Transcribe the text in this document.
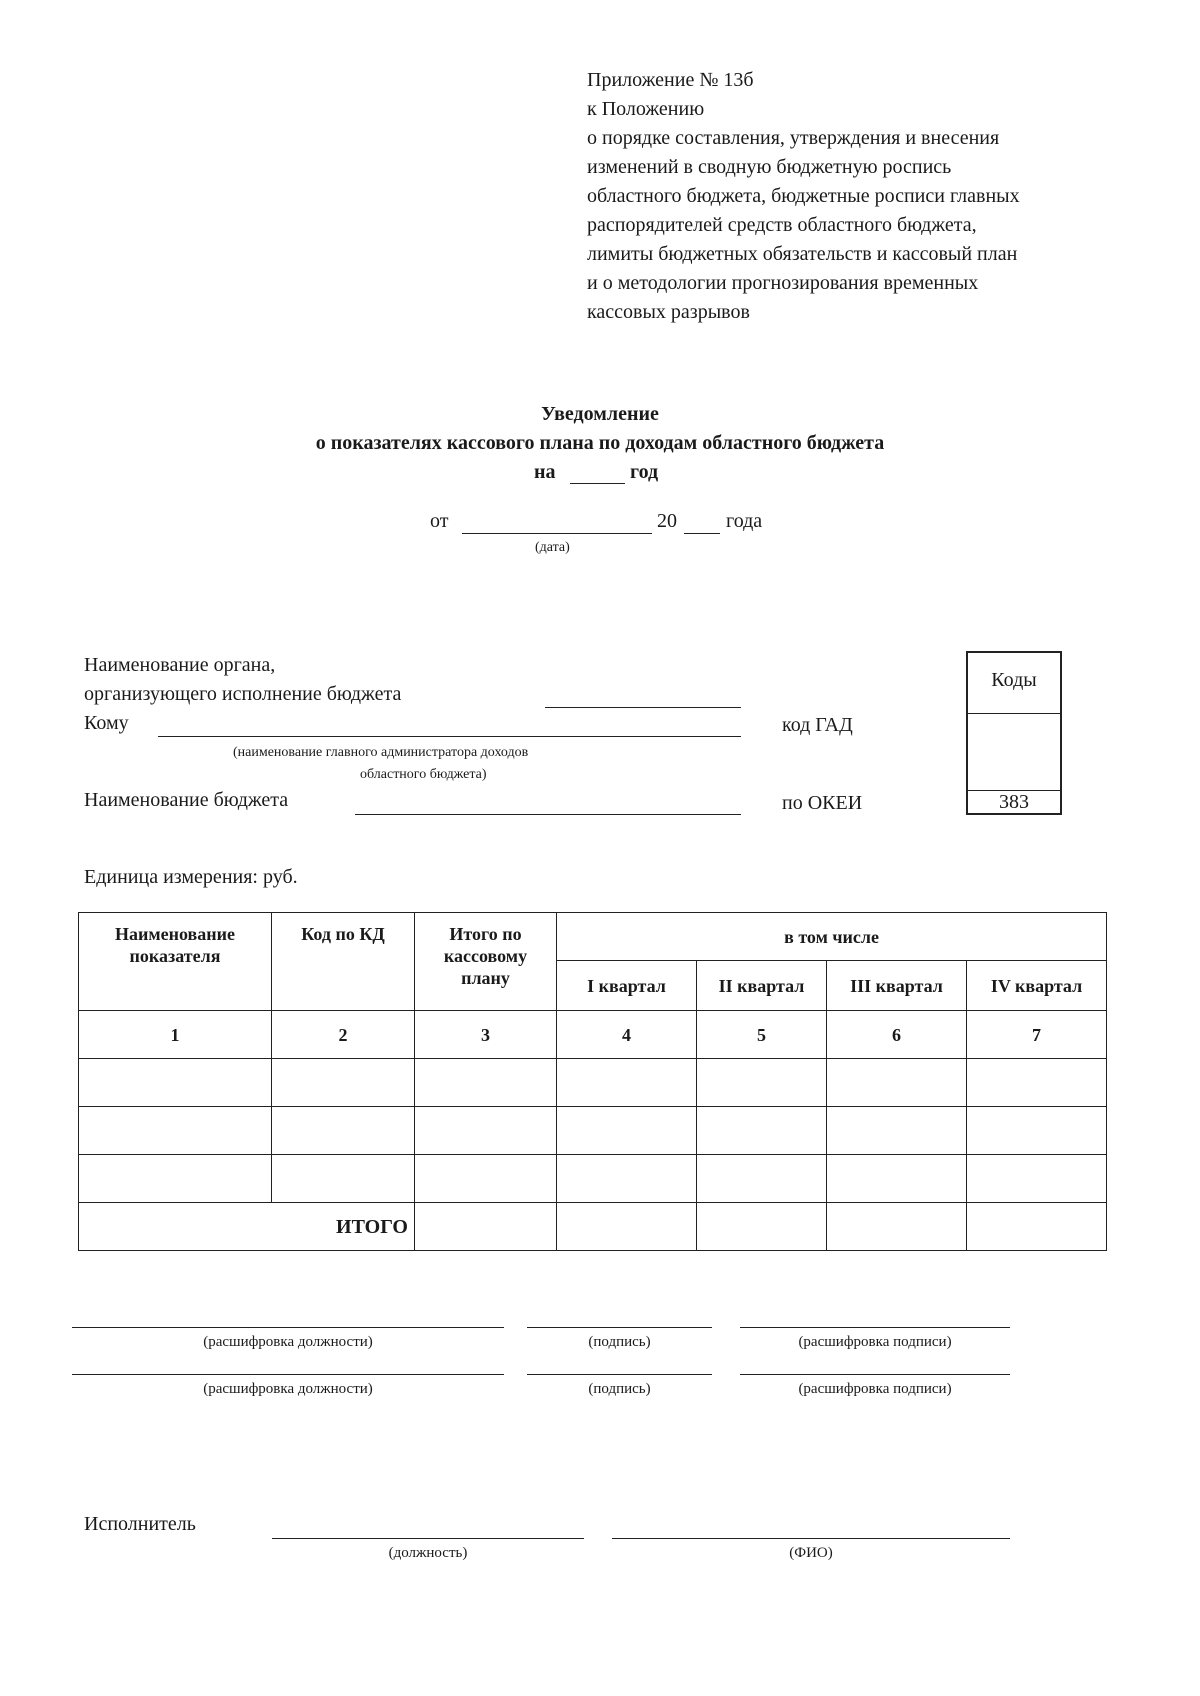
Приложение № 13б
к Положению
о порядке составления, утверждения и внесения
изменений в сводную бюджетную роспись
областного бюджета, бюджетные росписи главных
распорядителей средств областного бюджета,
лимиты бюджетных обязательств и кассовый план
и о методологии прогнозирования временных
кассовых разрывов
Уведомление
о показателях кассового плана по доходам областного бюджета
на	год
от	20 года
(дата)
Наименование органа,
организующего исполнение бюджета
Кому
(наименование главного администратора доходов
областного бюджета)
Наименование бюджета
код ГАД
по ОКЕИ
Коды
383
Единица измерения: руб.
Наименование показателя	Код по КД	Итого по кассовому плану	в том числе			
			I квартал	II квартал	III квартал	IV квартал
1	2	3	4	5	6	7

ИТОГО						
(расшифровка должности)	(подпись)	(расшифровка подписи)
(расшифровка должности)	(подпись)	(расшифровка подписи)
Исполнитель
(должность)	(ФИО)
